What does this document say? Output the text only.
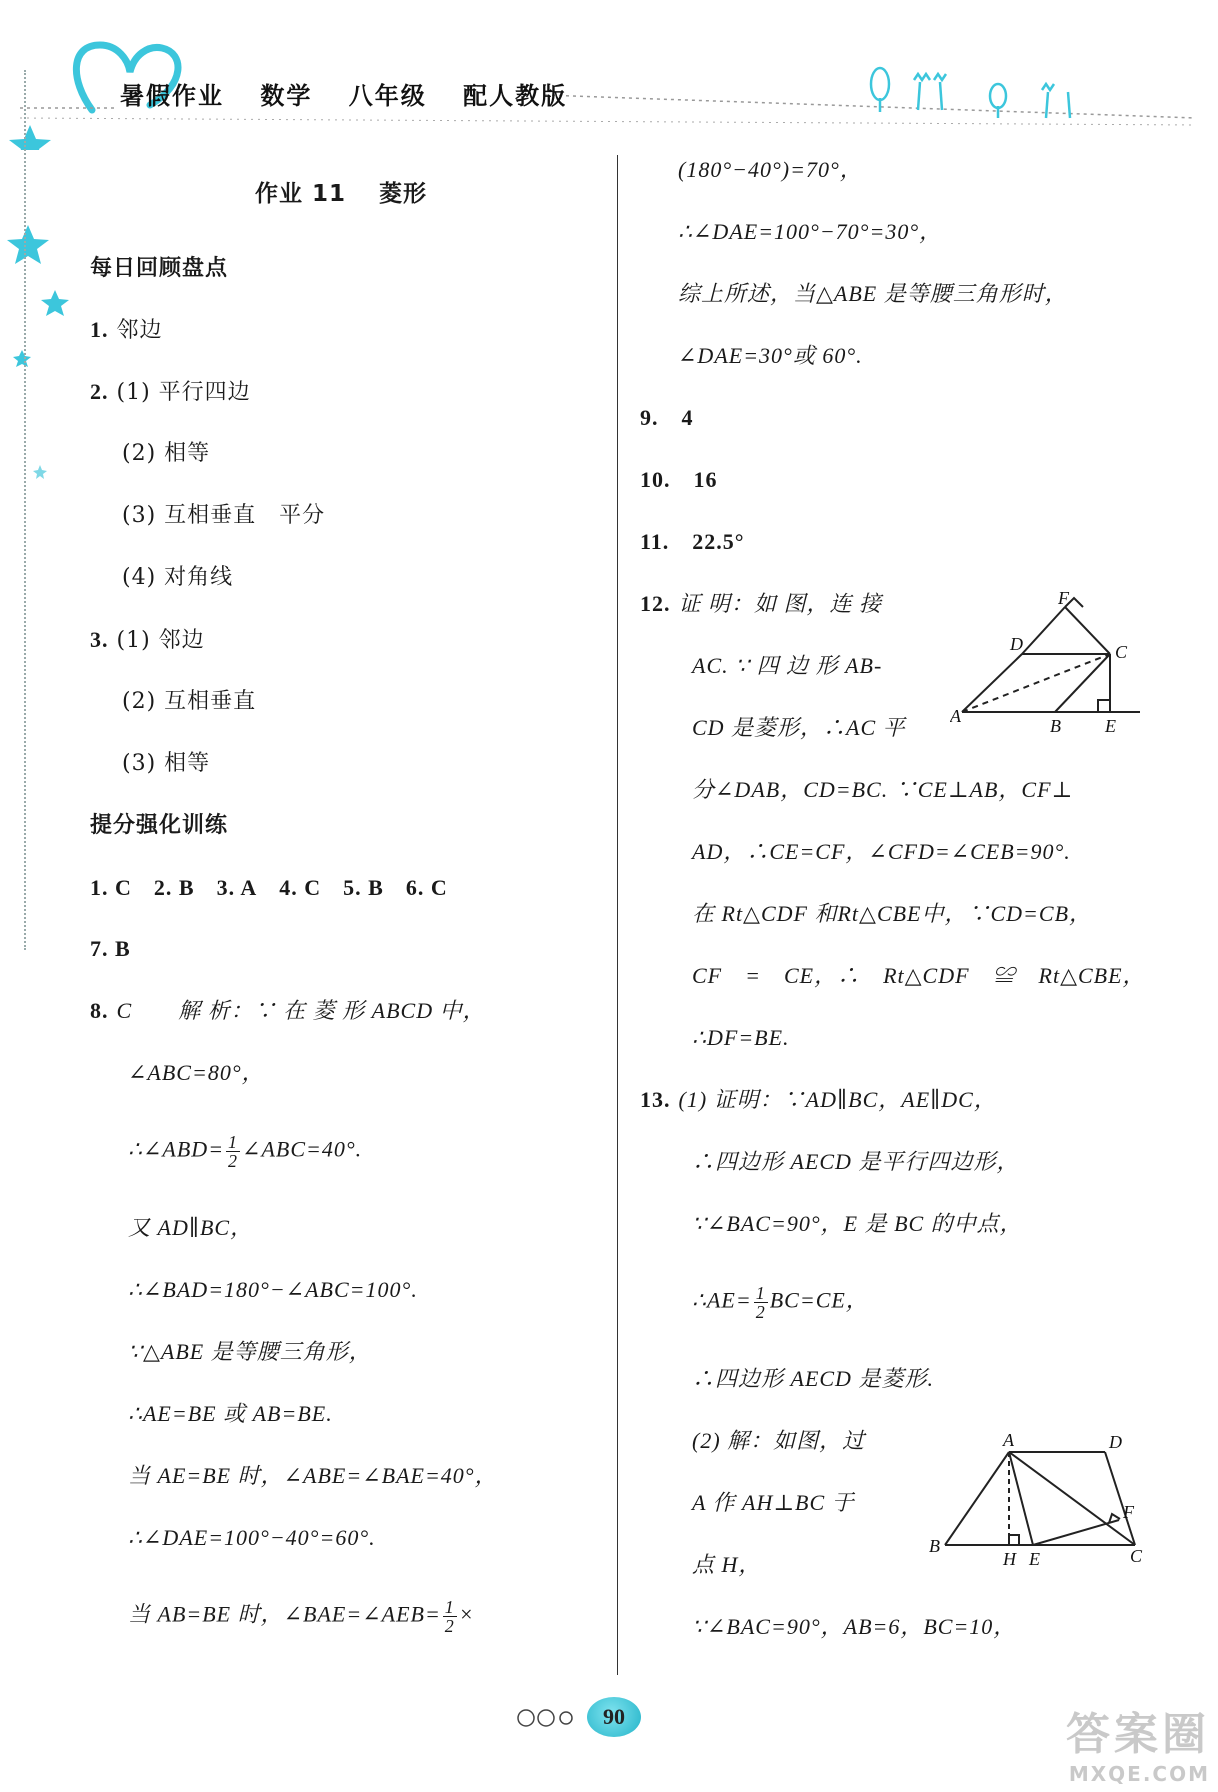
暑假作业 数学 八年级 配人教版
作业 11 菱形
每日回顾盘点
1. 邻边
2. (1) 平行四边
(2) 相等
(3) 互相垂直　平分
(4) 对角线
3. (1) 邻边
(2) 互相垂直
(3) 相等
提分强化训练
1. C 2. B 3. A 4. C 5. B 6. C
7. B
8. C　　解 析：∵ 在 菱 形 ABCD 中，
∠ABC=80°，
∴∠ABD= $\frac{1}{2}$ ∠ABC=40°.
又 AD∥BC，
∴∠BAD=180°−∠ABC=100°.
∵△ABE 是等腰三角形，
∴AE=BE 或 AB=BE.
当 AE=BE 时，∠ABE=∠BAE=40°，
∴∠DAE=100°−40°=60°.
当 AB=BE 时，∠BAE=∠AEB= $\frac{1}{2}$ ×
(180°−40°)=70°，
∴∠DAE=100°−70°=30°，
综上所述，当△ABE 是等腰三角形时，
∠DAE=30°或 60°.
9.　4
10.　16
11.　22.5°
12. 证 明：如 图，连 接
AC. ∵ 四 边 形 AB-
CD 是菱形，∴AC 平
分∠DAB，CD=BC. ∵CE⊥AB，CF⊥
AD，∴CE=CF，∠CFD=∠CEB=90°.
在 Rt△CDF 和Rt△CBE中，∵CD=CB，
CF　=　CE，∴　Rt△CDF　≌　Rt△CBE，
∴DF=BE.
F
D	C
A	B E
13. (1) 证明：∵AD∥BC，AE∥DC，
∴四边形 AECD 是平行四边形，
∵∠BAC=90°，E 是 BC 的中点，
∴AE= $\frac{1}{2} BC=CE$，
∴四边形 AECD 是菱形.
(2) 解：如图，过
A 作 AH⊥BC 于
点 H，
∵∠BAC=90°，AB=6，BC=10，
A	D
F
B
H E	C
90	答案圈
MXQE.COM
